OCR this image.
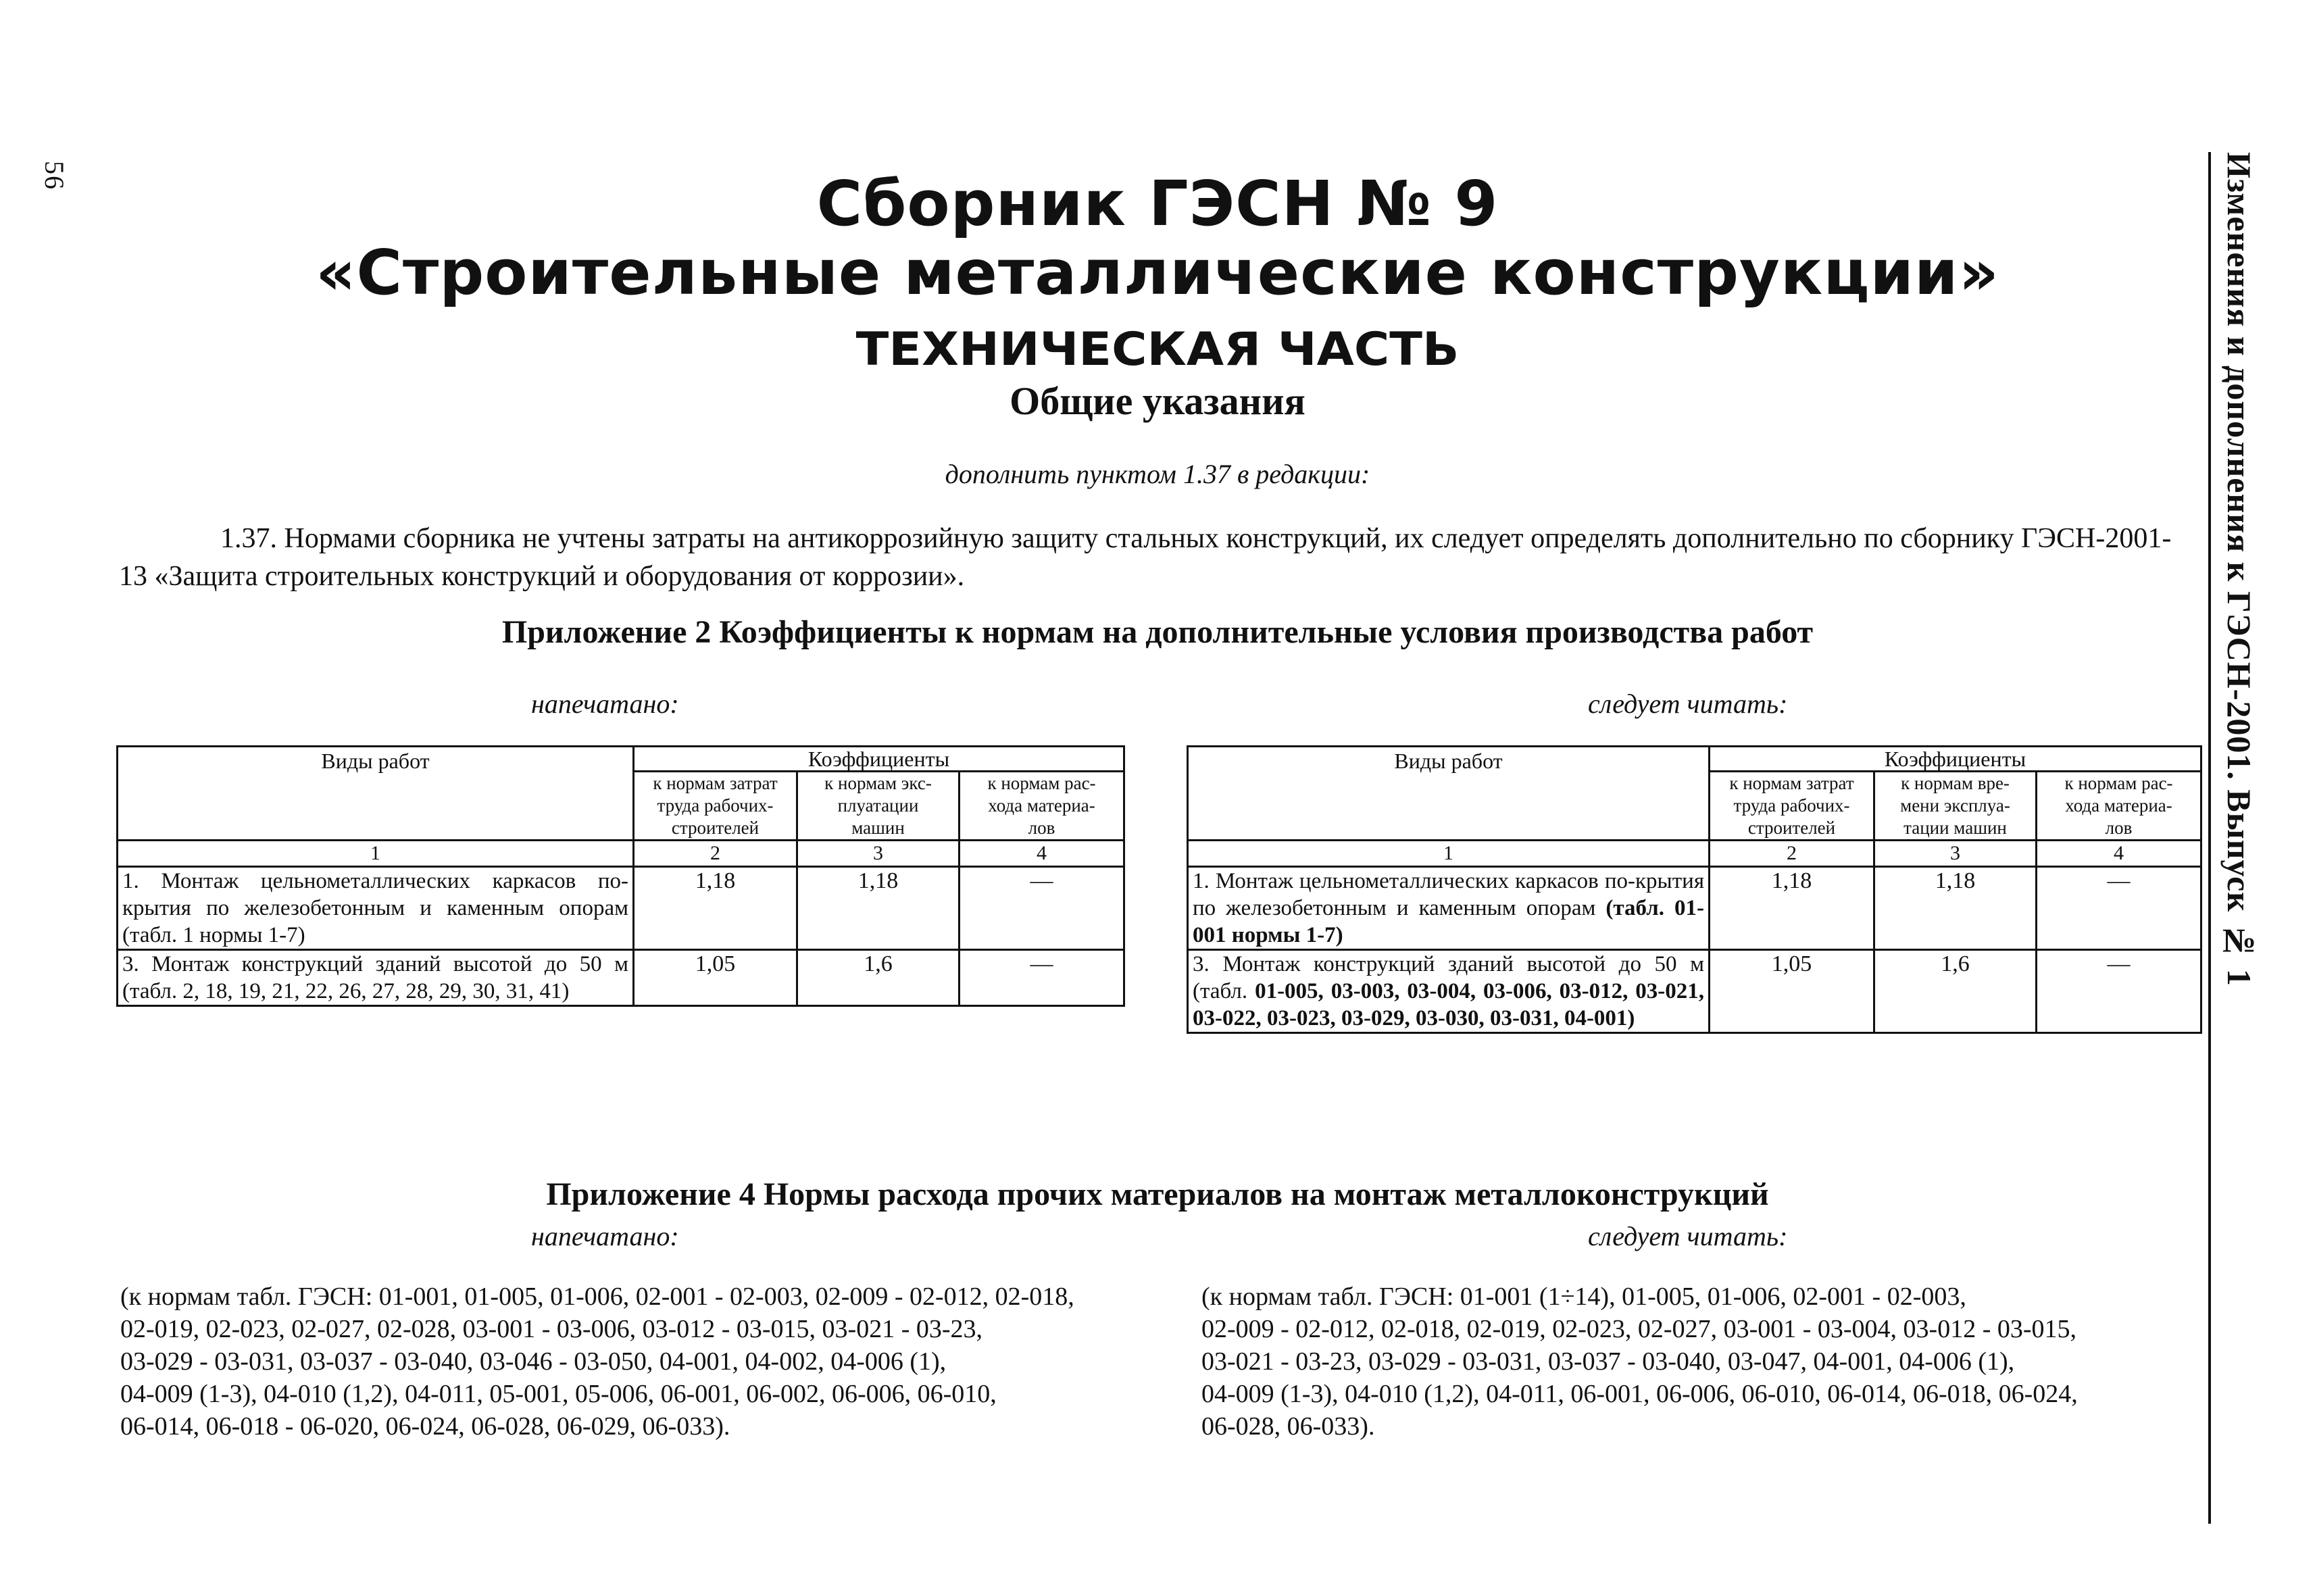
56	Изменения и дополнения к ГЭСН-2001. Выпуск № 1
Сборник ГЭСН № 9
«Строительные металлические конструкции»
ТЕХНИЧЕСКАЯ ЧАСТЬ
Общие указания
дополнить пунктом 1.37 в редакции:
1.37. Нормами сборника не учтены затраты на антикоррозийную защиту стальных конструкций, их следует определять дополнительно по сборнику ГЭСН-2001-
13 «Защита строительных конструкций и оборудования от коррозии».
Приложение 2 Коэффициенты к нормам на дополнительные условия производства работ
напечатано:	следует читать:
Виды работ	Коэффициенты		
	к нормам затрат
труда рабочих-
строителей	к нормам экс-
плуатации
машин	к нормам рас-
хода материа-
лов
1	2	3	4
1. Монтаж цельнометаллических каркасов по-крытия по железобетонным и каменным опорам (табл. 1 нормы 1-7)	1,18	1,18	—
3. Монтаж конструкций зданий высотой до 50 м (табл. 2, 18, 19, 21, 22, 26, 27, 28, 29, 30, 31, 41)	1,05	1,6	—
Виды работ	Коэффициенты		
	к нормам затрат
труда рабочих-
строителей	к нормам вре-
мени эксплуа-
тации машин	к нормам рас-
хода материа-
лов
1	2	3	4
1. Монтаж цельнометаллических каркасов по-крытия по железобетонным и каменным опорам (табл. 01-001 нормы 1-7)	1,18	1,18	—
3. Монтаж конструкций зданий высотой до 50 м (табл. 01-005, 03-003, 03-004, 03-006, 03-012, 03-021, 03-022, 03-023, 03-029, 03-030, 03-031, 04-001)	1,05	1,6	—
Приложение 4 Нормы расхода прочих материалов на монтаж металлоконструкций
напечатано:	следует читать:
(к нормам табл. ГЭСН: 01-001, 01-005, 01-006, 02-001 - 02-003, 02-009 - 02-012, 02-018,
02-019, 02-023, 02-027, 02-028, 03-001 - 03-006, 03-012 - 03-015, 03-021 - 03-23,
03-029 - 03-031, 03-037 - 03-040, 03-046 - 03-050, 04-001, 04-002, 04-006 (1),
04-009 (1-3), 04-010 (1,2), 04-011, 05-001, 05-006, 06-001, 06-002, 06-006, 06-010,
06-014, 06-018 - 06-020, 06-024, 06-028, 06-029, 06-033).
(к нормам табл. ГЭСН: 01-001 (1÷14), 01-005, 01-006, 02-001 - 02-003,
02-009 - 02-012, 02-018, 02-019, 02-023, 02-027, 03-001 - 03-004, 03-012 - 03-015,
03-021 - 03-23, 03-029 - 03-031, 03-037 - 03-040, 03-047, 04-001, 04-006 (1),
04-009 (1-3), 04-010 (1,2), 04-011, 06-001, 06-006, 06-010, 06-014, 06-018, 06-024,
06-028, 06-033).
